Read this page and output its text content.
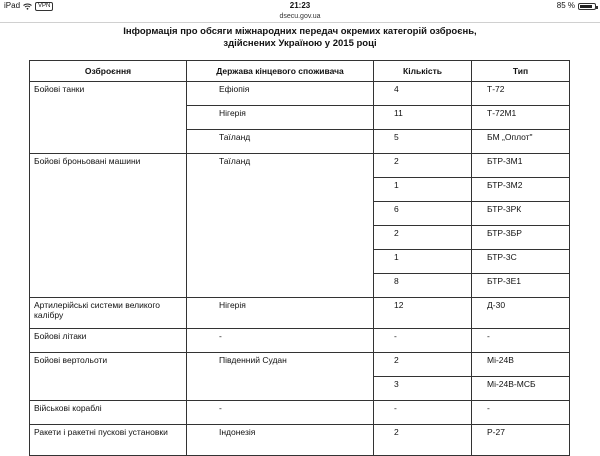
iPad	VPN	21:23	85 %
dsecu.gov.ua
Інформація про обсяги міжнародних передач окремих категорій озброєнь,
здійснених Україною у 2015 році
Озброєння	Держава кінцевого споживача	Кількість	Тип
Бойові танки	Ефіопія	4	Т-72
	Нігерія	11	Т-72М1
	Таїланд	5	БМ „Оплот"
Бойові броньовані машини	Таїланд	2	БТР-3М1
		1	БТР-3М2
		6	БТР-3РК
		2	БТР-3БР
		1	БТР-3С
		8	БТР-3Е1
Артилерійські системи великого калібру	Нігерія	12	Д-30
Бойові літаки	-	-	-
Бойові вертольоти	Південний Судан	2	Мі-24В
		3	Мі-24В-МСБ
Військові кораблі	-	-	-
Ракети і ракетні пускові установки	Індонезія	2	Р-27
